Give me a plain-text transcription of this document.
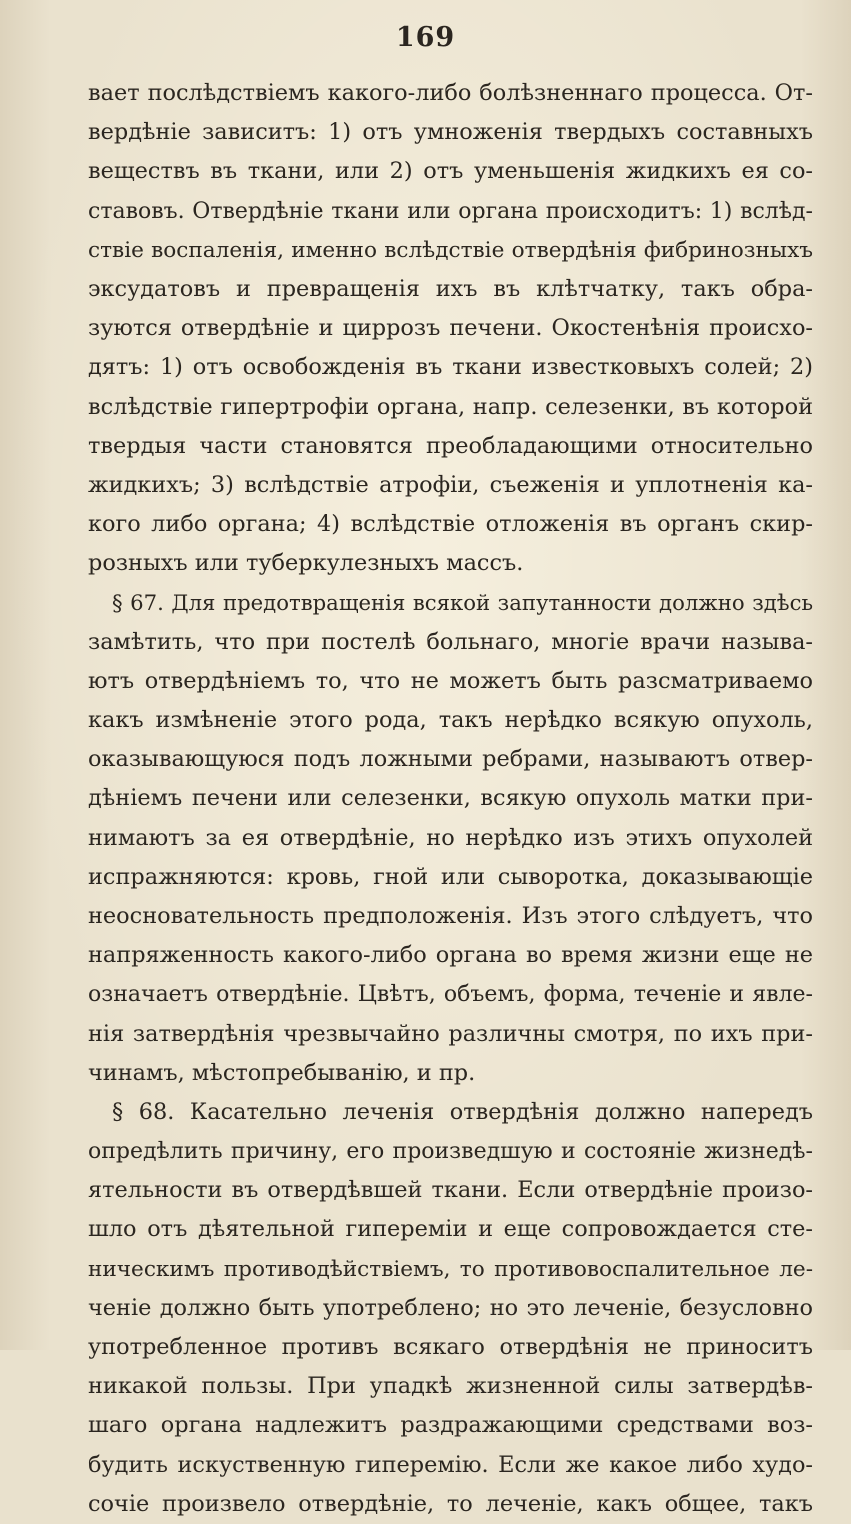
169
вает послѣдствіемъ какого-либо болѣзненнаго процесса. От-
вердѣніе зависитъ: 1) отъ умноженія твердыхъ составныхъ
веществъ въ ткани, или 2) отъ уменьшенія жидкихъ ея со-
ставовъ. Отвердѣніе ткани или органа происходитъ: 1) вслѣд-
ствіе воспаленія, именно вслѣдствіе отвердѣнія фибринозныхъ
эксудатовъ и превращенія ихъ въ клѣтчатку, такъ обра-
зуются отвердѣніе и циррозъ печени. Окостенѣнія происхо-
дятъ: 1) отъ освобожденія въ ткани известковыхъ солей; 2)
вслѣдствіе гипертрофіи органа, напр. селезенки, въ которой
твердыя части становятся преобладающими относительно
жидкихъ; 3) вслѣдствіе атрофіи, съеженія и уплотненія ка-
кого либо органа; 4) вслѣдствіе отложенія въ органъ скир-
розныхъ или туберкулезныхъ массъ.
§ 67. Для предотвращенія всякой запутанности должно здѣсь
замѣтить, что при постелѣ больнаго, многіе врачи называ-
ютъ отвердѣніемъ то, что не можетъ быть разсматриваемо
какъ измѣненіе этого рода, такъ нерѣдко всякую опухоль,
оказывающуюся подъ ложными ребрами, называютъ отвер-
дѣніемъ печени или селезенки, всякую опухоль матки при-
нимаютъ за ея отвердѣніе, но нерѣдко изъ этихъ опухолей
испражняются: кровь, гной или сыворотка, доказывающіе
неосновательность предположенія. Изъ этого слѣдуетъ, что
напряженность какого-либо органа во время жизни еще не
означаетъ отвердѣніе. Цвѣтъ, объемъ, форма, теченіе и явле-
нія затвердѣнія чрезвычайно различны смотря, по ихъ при-
чинамъ, мѣстопребыванію, и пр.
§ 68. Касательно леченія отвердѣнія должно напередъ
опредѣлить причину, его произведшую и состояніе жизнедѣ-
ятельности въ отвердѣвшей ткани. Если отвердѣніе произо-
шло отъ дѣятельной гипереміи и еще сопровождается сте-
ническимъ противодѣйствіемъ, то противовоспалительное ле-
ченіе должно быть употреблено; но это леченіе, безусловно
употребленное противъ всякаго отвердѣнія не приноситъ
никакой пользы. При упадкѣ жизненной силы затвердѣв-
шаго органа надлежитъ раздражающими средствами воз-
будить искуственную гиперемію. Если же какое либо худо-
сочіе произвело отвердѣніе, то леченіе, какъ общее, такъ
